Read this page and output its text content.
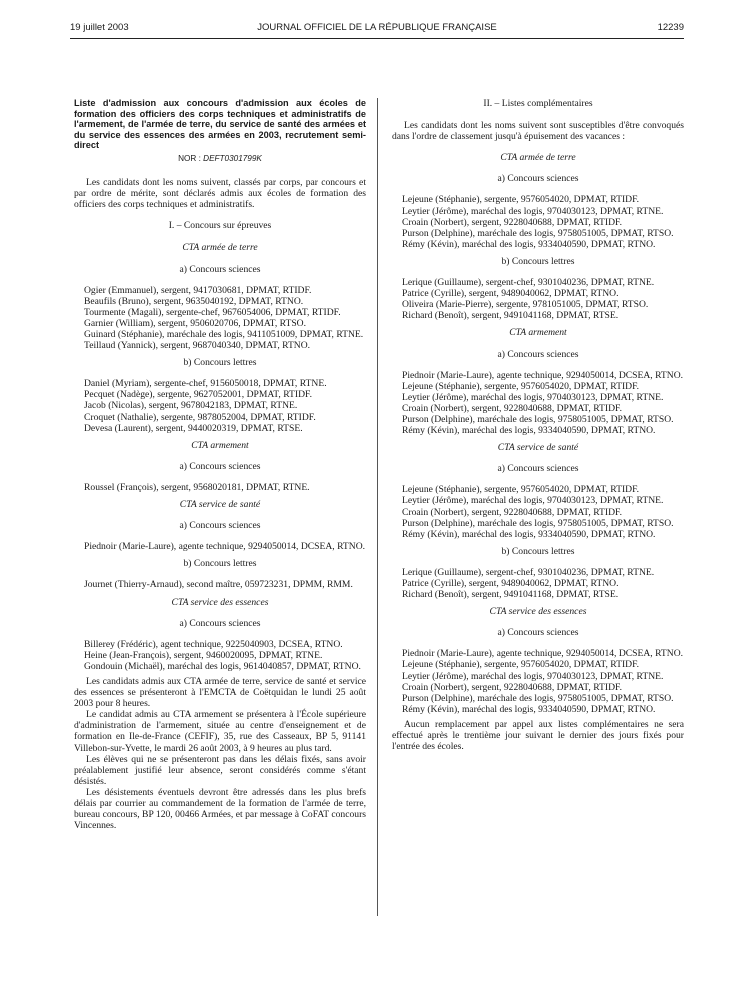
19 juillet 2003	JOURNAL OFFICIEL DE LA RÉPUBLIQUE FRANÇAISE	12239

Liste d'admission aux concours d'admission aux écoles de formation des officiers des corps techniques et administratifs de l'armement, de l'armée de terre, du service de santé des armées et du service des essences des armées en 2003, recrutement semi-direct

NOR : DEFT0301799K

Les candidats dont les noms suivent, classés par corps, par concours et par ordre de mérite, sont déclarés admis aux écoles de formation des officiers des corps techniques et administratifs.

I. – Concours sur épreuves
CTA armée de terre
a) Concours sciences

Ogier (Emmanuel), sergent, 9417030681, DPMAT, RTIDF.

Beaufils (Bruno), sergent, 9635040192, DPMAT, RTNO.

Tourmente (Magali), sergente-chef, 9676054006, DPMAT, RTIDF.

Garnier (William), sergent, 9506020706, DPMAT, RTSO.

Guinard (Stéphanie), maréchale des logis, 9411051009, DPMAT, RTNE.

Teillaud (Yannick), sergent, 9687040340, DPMAT, RTNO.

b) Concours lettres

Daniel (Myriam), sergente-chef, 9156050018, DPMAT, RTNE.

Pecquet (Nadège), sergente, 9627052001, DPMAT, RTIDF.

Jacob (Nicolas), sergent, 9678042183, DPMAT, RTNE.

Croquet (Nathalie), sergente, 9878052004, DPMAT, RTIDF.

Devesa (Laurent), sergent, 9440020319, DPMAT, RTSE.

CTA armement
a) Concours sciences

Roussel (François), sergent, 9568020181, DPMAT, RTNE.

CTA service de santé
a) Concours sciences

Piednoir (Marie-Laure), agente technique, 9294050014, DCSEA, RTNO.

b) Concours lettres

Journet (Thierry-Arnaud), second maître, 059723231, DPMM, RMM.

CTA service des essences
a) Concours sciences

Billerey (Frédéric), agent technique, 9225040903, DCSEA, RTNO.

Heine (Jean-François), sergent, 9460020095, DPMAT, RTNE.

Gondouin (Michaël), maréchal des logis, 9614040857, DPMAT, RTNO.

Les candidats admis aux CTA armée de terre, service de santé et service des essences se présenteront à l'EMCTA de Coëtquidan le lundi 25 août 2003 pour 8 heures.

Le candidat admis au CTA armement se présentera à l'École supérieure d'administration de l'armement, située au centre d'enseignement et de formation en Ile-de-France (CEFIF), 35, rue des Casseaux, BP 5, 91141 Villebon-sur-Yvette, le mardi 26 août 2003, à 9 heures au plus tard.

Les élèves qui ne se présenteront pas dans les délais fixés, sans avoir préalablement justifié leur absence, seront considérés comme s'étant désistés.

Les désistements éventuels devront être adressés dans les plus brefs délais par courrier au commandement de la formation de l'armée de terre, bureau concours, BP 120, 00466 Armées, et par message à CoFAT concours Vincennes.

II. – Listes complémentaires

Les candidats dont les noms suivent sont susceptibles d'être convoqués dans l'ordre de classement jusqu'à épuisement des vacances :

CTA armée de terre
a) Concours sciences

Lejeune (Stéphanie), sergente, 9576054020, DPMAT, RTIDF.

Leytier (Jérôme), maréchal des logis, 9704030123, DPMAT, RTNE.

Croain (Norbert), sergent, 9228040688, DPMAT, RTIDF.

Purson (Delphine), maréchale des logis, 9758051005, DPMAT, RTSO.

Rémy (Kévin), maréchal des logis, 9334040590, DPMAT, RTNO.

b) Concours lettres

Lerique (Guillaume), sergent-chef, 9301040236, DPMAT, RTNE.

Patrice (Cyrille), sergent, 9489040062, DPMAT, RTNO.

Oliveira (Marie-Pierre), sergente, 9781051005, DPMAT, RTSO.

Richard (Benoît), sergent, 9491041168, DPMAT, RTSE.

CTA armement
a) Concours sciences

Piednoir (Marie-Laure), agente technique, 9294050014, DCSEA, RTNO.

Lejeune (Stéphanie), sergente, 9576054020, DPMAT, RTIDF.

Leytier (Jérôme), maréchal des logis, 9704030123, DPMAT, RTNE.

Croain (Norbert), sergent, 9228040688, DPMAT, RTIDF.

Purson (Delphine), maréchale des logis, 9758051005, DPMAT, RTSO.

Rémy (Kévin), maréchal des logis, 9334040590, DPMAT, RTNO.

CTA service de santé
a) Concours sciences

Lejeune (Stéphanie), sergente, 9576054020, DPMAT, RTIDF.

Leytier (Jérôme), maréchal des logis, 9704030123, DPMAT, RTNE.

Croain (Norbert), sergent, 9228040688, DPMAT, RTIDF.

Purson (Delphine), maréchale des logis, 9758051005, DPMAT, RTSO.

Rémy (Kévin), maréchal des logis, 9334040590, DPMAT, RTNO.

b) Concours lettres

Lerique (Guillaume), sergent-chef, 9301040236, DPMAT, RTNE.

Patrice (Cyrille), sergent, 9489040062, DPMAT, RTNO.

Richard (Benoît), sergent, 9491041168, DPMAT, RTSE.

CTA service des essences
a) Concours sciences

Piednoir (Marie-Laure), agente technique, 9294050014, DCSEA, RTNO.

Lejeune (Stéphanie), sergente, 9576054020, DPMAT, RTIDF.

Leytier (Jérôme), maréchal des logis, 9704030123, DPMAT, RTNE.

Croain (Norbert), sergent, 9228040688, DPMAT, RTIDF.

Purson (Delphine), maréchale des logis, 9758051005, DPMAT, RTSO.

Rémy (Kévin), maréchal des logis, 9334040590, DPMAT, RTNO.

Aucun remplacement par appel aux listes complémentaires ne sera effectué après le trentième jour suivant le dernier des jours fixés pour l'entrée des écoles.
